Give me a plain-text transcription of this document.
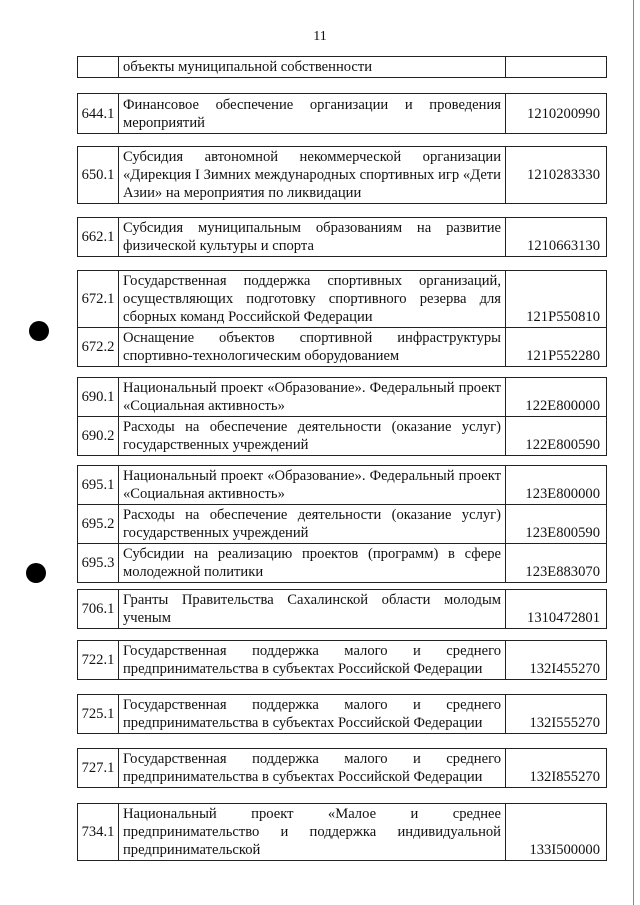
11
	объекты муниципальной собственности	
644.1	Финансовое обеспечение организации и проведения мероприятий	1210200990
650.1	Субсидия автономной некоммерческой организации «Дирекция I Зимних международных спортивных игр «Дети Азии» на мероприятия по ликвидации	1210283330
662.1	Субсидия муниципальным образованиям на развитие физической культуры и спорта	1210663130
672.1	Государственная поддержка спортивных организаций, осуществляющих подготовку спортивного резерва для сборных команд Российской Федерации	121P550810
672.2	Оснащение объектов спортивной инфраструктуры спортивно-технологическим оборудованием	121P552280
690.1	Национальный проект «Образование». Федеральный проект «Социальная активность»	122E800000
690.2	Расходы на обеспечение деятельности (оказание услуг) государственных учреждений	122E800590
695.1	Национальный проект «Образование». Федеральный проект «Социальная активность»	123E800000
695.2	Расходы на обеспечение деятельности (оказание услуг) государственных учреждений	123E800590
695.3	Субсидии на реализацию проектов (программ) в сфере молодежной политики	123E883070
706.1	Гранты Правительства Сахалинской области молодым ученым	1310472801
722.1	Государственная поддержка малого и среднего предпринимательства в субъектах Российской Федерации	132I455270
725.1	Государственная поддержка малого и среднего предпринимательства в субъектах Российской Федерации	132I555270
727.1	Государственная поддержка малого и среднего предпринимательства в субъектах Российской Федерации	132I855270
734.1	Национальный проект «Малое и среднее предпринимательство и поддержка индивидуальной предпринимательской	133I500000
